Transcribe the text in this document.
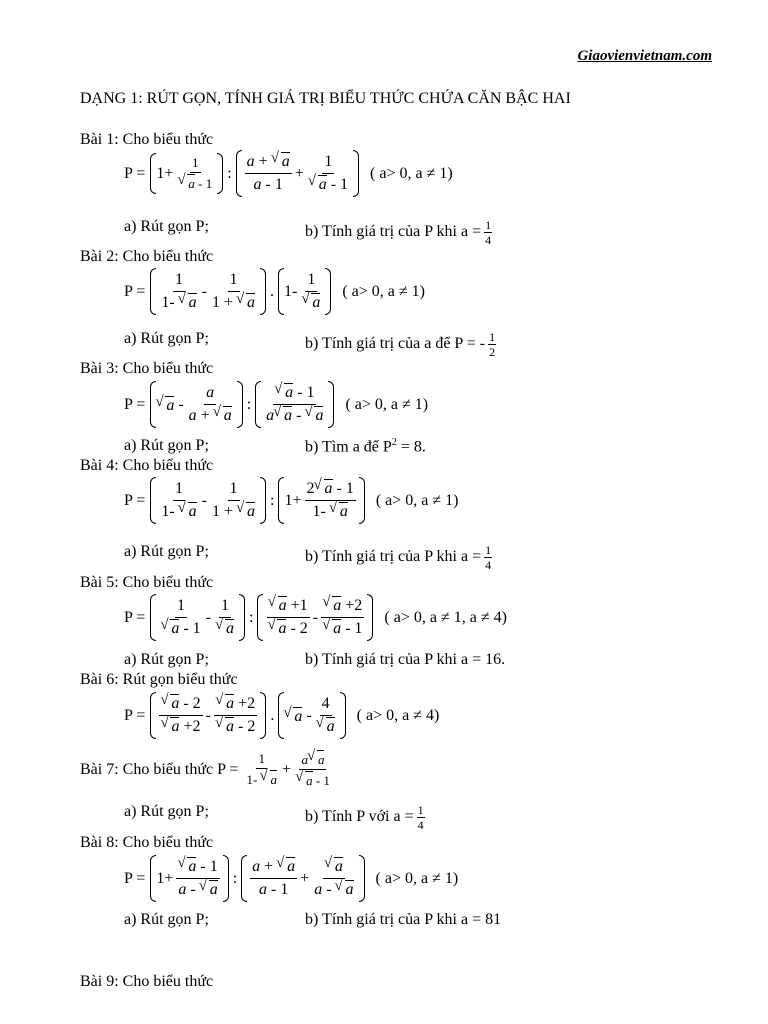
Giaovienvietnam.com
DẠNG 1: RÚT GỌN, TÍNH GIÁ TRỊ BIỂU THỨC CHỨA CĂN BẬC HAI
Bài 1: Cho biểu thức
P = 1+ 1
√ a - 1 : $\frac{a + √ a}{a - 1} + 1$
√ a - 1 ( a> 0, a ≠ 1)
a) Rút gọn P;	b) Tính giá trị của P khi $a = \frac{1}{4}$
Bài 2: Cho biểu thức
$P = \frac{1}{1- √ a} - \frac{1}{1 + √ a}$ . 1- 1
√ a ( a> 0, a ≠ 1)
a) Rút gọn P;	b) Tính giá trị của a để P = - $\frac{1}{2}$
Bài 3: Cho biểu thức
P =
√ a - $\frac{a}{a + √ a}$ :
√ $\frac{a - 1}{a√ a - √ a}$ ( a> 0, a ≠ 1)
a) Rút gọn P;	b) Tìm a để $P^2 = 8$.
Bài 4: Cho biểu thức
$P = \frac{1}{1- √ a} - \frac{1}{1 + √ a}$ : $1+ \frac{2√ a - 1}{1- √ a}$ ( a> 0, a ≠ 1)
a) Rút gọn P;	b) Tính giá trị của P khi $a = \frac{1}{4}$
Bài 5: Cho biểu thức
P = 1
√ a - 1 - 1
√ a :
√ a +1
√ a - 2 -
√ a +2
√ a - 1 ( a> 0, a ≠ 1, a ≠ 4)
a) Rút gọn P;	b) Tính giá trị của P khi a = 16.
Bài 6: Rút gọn biểu thức
P =
√ a - 2
√ a +2 -
√ a +2
√ a - 2 .
√ a - 4
√ a ( a> 0, a ≠ 4)
Bài 7: Cho biểu thức $P = \frac{1}{1- √ a} + a√$ a
√ a - 1
a) Rút gọn P;	b) Tính P với $a = \frac{1}{4}$
Bài 8: Cho biểu thức
P = 1+
√ $\frac{a - 1}{a - √ a}$ : $\frac{a + √ a}{a - 1}$ +
√ $\frac{a}{a - √ a}$ ( a> 0, a ≠ 1)
a) Rút gọn P;	b) Tính giá trị của P khi a = 81
Bài 9: Cho biểu thức
